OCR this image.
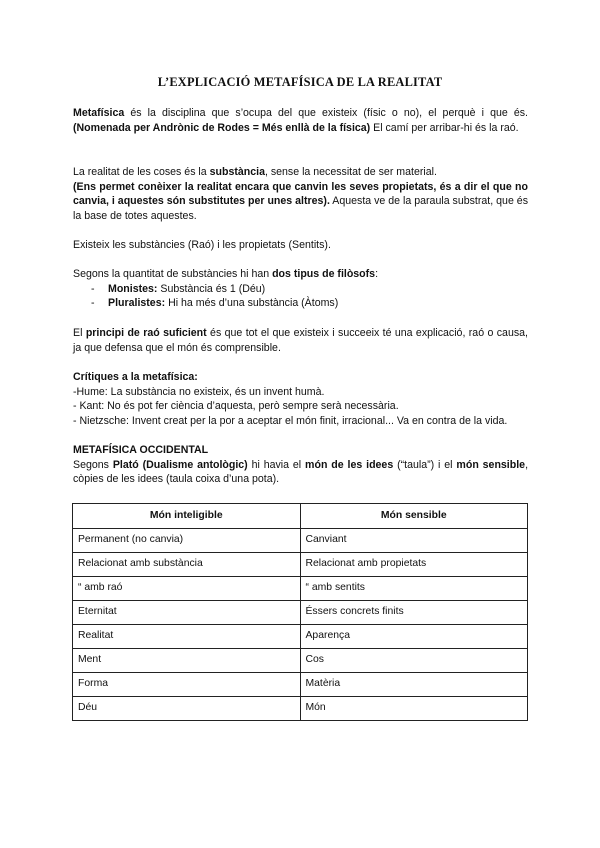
L’EXPLICACIÓ METAFÍSICA DE LA REALITAT
Metafísica és la disciplina que s’ocupa del que existeix (físic o no), el perquè i que és. (Nomenada per Andrònic de Rodes = Més enllà de la física) El camí per arribar-hi és la raó.
La realitat de les coses és la substància, sense la necessitat de ser material.
(Ens permet conèixer la realitat encara que canvin les seves propietats, és a dir el que no canvia, i aquestes són substitutes per unes altres). Aquesta ve de la paraula substrat, que és la base de totes aquestes.
Existeix les substàncies (Raó) i les propietats (Sentits).
Segons la quantitat de substàncies hi han dos tipus de filòsofs:
- Monistes: Substància és 1 (Déu)
- Pluralistes: Hi ha més d’una substància (Àtoms)
El principi de raó suficient és que tot el que existeix i succeeix té una explicació, raó o causa, ja que defensa que el món és comprensible.
Crítiques a la metafísica:
-Hume: La substància no existeix, és un invent humà.
- Kant: No és pot fer ciència d’aquesta, però sempre serà necessària.
- Nietzsche: Invent creat per la por a aceptar el món finit, irracional... Va en contra de la vida.
METAFÍSICA OCCIDENTAL
Segons Plató (Dualisme antològic) hi havia el món de les idees (“taula”) i el món sensible, còpies de les idees (taula coixa d’una pota).
Món inteligible	Món sensible
Permanent (no canvia)	Canviant
Relacionat amb substància	Relacionat amb propietats
“ amb raó	“ amb sentits
Eternitat	Éssers concrets finits
Realitat	Aparença
Ment	Cos
Forma	Matèria
Déu	Món
